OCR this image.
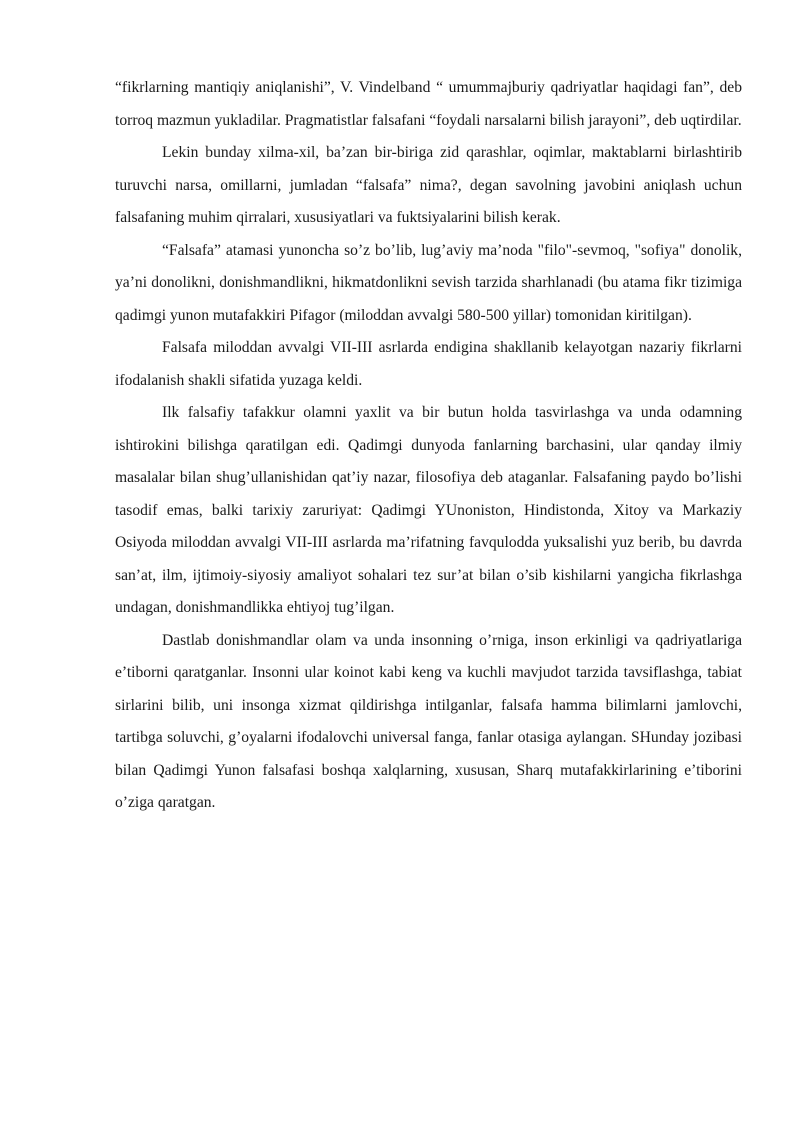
“fikrlarning mantiqiy aniqlanishi”, V. Vindelband “ umummajburiy qadriyatlar haqidagi fan”, deb torroq mazmun yukladilar. Pragmatistlar falsafani “foydali narsalarni bilish jarayoni”, deb uqtirdilar.

Lekin bunday xilma-xil, ba’zan bir-biriga zid qarashlar, oqimlar, maktablarni birlashtirib turuvchi narsa, omillarni, jumladan “falsafa” nima?, degan savolning javobini aniqlash uchun falsafaning muhim qirralari, xususiyatlari va fuktsiyalarini bilish kerak.

“Falsafa” atamasi yunoncha so’z bo’lib, lug’aviy ma’noda "filo"-sevmoq, "sofiya" donolik, ya’ni donolikni, donishmandlikni, hikmatdonlikni sevish tarzida sharhlanadi (bu atama fikr tizimiga qadimgi yunon mutafakkiri Pifagor (miloddan avvalgi 580-500 yillar) tomonidan kiritilgan).

Falsafa miloddan avvalgi VII-III asrlarda endigina shakllanib kelayotgan nazariy fikrlarni ifodalanish shakli sifatida yuzaga keldi.

Ilk falsafiy tafakkur olamni yaxlit va bir butun holda tasvirlashga va unda odamning ishtirokini bilishga qaratilgan edi. Qadimgi dunyoda fanlarning barchasini, ular qanday ilmiy masalalar bilan shug’ullanishidan qat’iy nazar, filosofiya deb ataganlar. Falsafaning paydo bo’lishi tasodif emas, balki tarixiy zaruriyat: Qadimgi YUnoniston, Hindistonda, Xitoy va Markaziy Osiyoda miloddan avvalgi VII-III asrlarda ma’rifatning favqulodda yuksalishi yuz berib, bu davrda san’at, ilm, ijtimoiy-siyosiy amaliyot sohalari tez sur’at bilan o’sib kishilarni yangicha fikrlashga undagan, donishmandlikka ehtiyoj tug’ilgan.

Dastlab donishmandlar olam va unda insonning o’rniga, inson erkinligi va qadriyatlariga e’tiborni qaratganlar. Insonni ular koinot kabi keng va kuchli mavjudot tarzida tavsiflashga, tabiat sirlarini bilib, uni insonga xizmat qildirishga intilganlar, falsafa hamma bilimlarni jamlovchi, tartibga soluvchi, g’oyalarni ifodalovchi universal fanga, fanlar otasiga aylangan. SHunday jozibasi bilan Qadimgi Yunon falsafasi boshqa xalqlarning, xususan, Sharq mutafakkirlarining e’tiborini o’ziga qaratgan.
